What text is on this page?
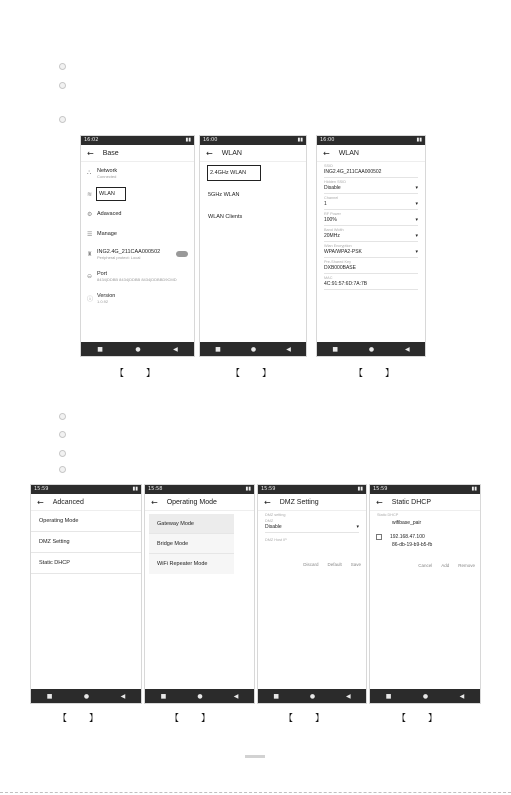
16:02	▮▮
← Base
⛬	Network
Connected
≋	WLAN
⚙ Adavaced
☰ Manage
♜ ING2.4G_211CAA000502
Peripheral protect: Local
⊖ Port
8434|DDBB 8434|DDBB 8434|DDBBD9CMD
ⓘ Version
1.0.92
■	●	◀
16:00	▮▮
← WLAN
2.4GHz WLAN
5GHz WLAN
WLAN Clients
■	●	◀
16:00	▮▮
← WLAN
SSID
ING2.4G_211CAA000502
Hidden SSID
Disable	▾
Channel
1	▾
RF Power
100%	▾
Band Width
20MHz	▾
Wlan Encryption
WPA/WPA2-PSK	▾
Pre-Shared Key
DXB000BASE
MAC
4C:91:57:6D:7A:7B
■	●	◀
【 】	【 】	【 】
15:59	▮▮
← Adcanced
Operating Mode
DMZ Setting
Static DHCP
■	●	◀
15:58	▮▮
← Operating Mode
Gateway Mode
Bridge Mode
WiFi Repeater Mode
■	●	◀
15:59	▮▮
← DMZ Setting
DMZ setting
DMZ
Disable	▾
DMZ Host IP
Discard Default Save
■	●	◀
15:59	▮▮
← Static DHCP
Static DHCP
wifibase_pair
192.168.47.100
86-db-19-b9-b5-fb
Cancel Add Remove
■	●	◀
【 】	【 】	【 】	【 】
